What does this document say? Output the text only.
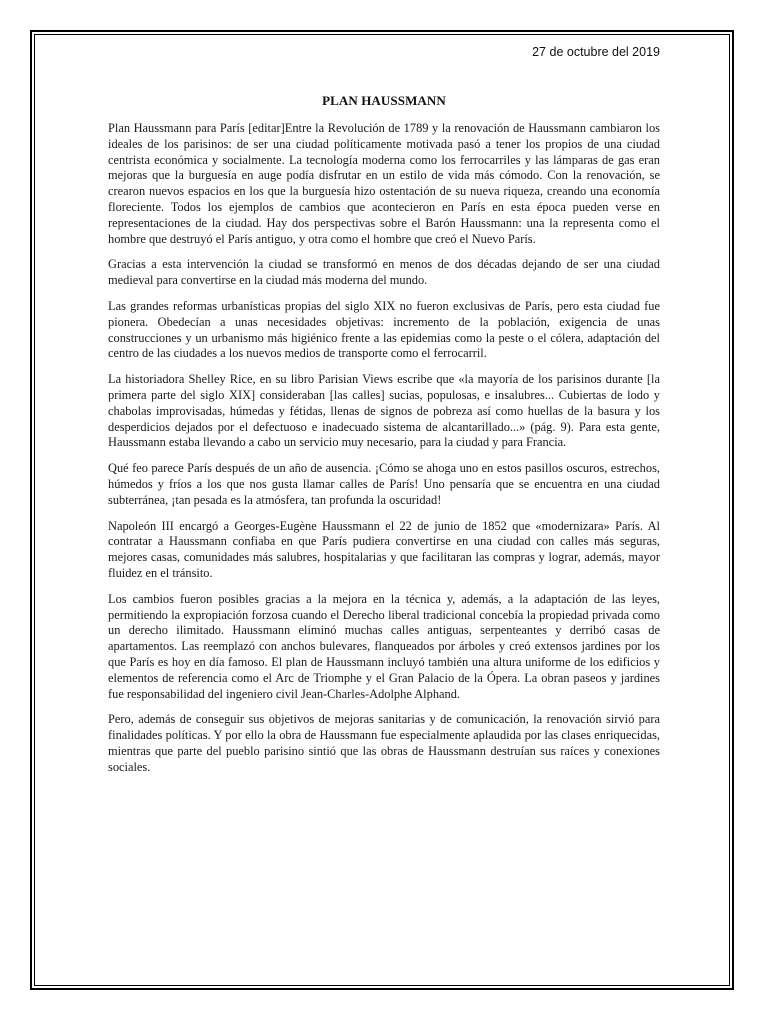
27 de octubre del 2019
PLAN HAUSSMANN

Plan Haussmann para París [editar]Entre la Revolución de 1789 y la renovación de Haussmann cambiaron los ideales de los parisinos: de ser una ciudad políticamente motivada pasó a tener los propios de una ciudad centrista económica y socialmente. La tecnología moderna como los ferrocarriles y las lámparas de gas eran mejoras que la burguesía en auge podía disfrutar en un estilo de vida más cómodo. Con la renovación, se crearon nuevos espacios en los que la burguesía hizo ostentación de su nueva riqueza, creando una economía floreciente. Todos los ejemplos de cambios que acontecieron en París en esta época pueden verse en representaciones de la ciudad. Hay dos perspectivas sobre el Barón Haussmann: una la representa como el hombre que destruyó el París antiguo, y otra como el hombre que creó el Nuevo París.

Gracias a esta intervención la ciudad se transformó en menos de dos décadas dejando de ser una ciudad medieval para convertirse en la ciudad más moderna del mundo.

Las grandes reformas urbanísticas propias del siglo XIX no fueron exclusivas de París, pero esta ciudad fue pionera. Obedecían a unas necesidades objetivas: incremento de la población, exigencia de unas construcciones y un urbanismo más higiénico frente a las epidemias como la peste o el cólera, adaptación del centro de las ciudades a los nuevos medios de transporte como el ferrocarril.

La historiadora Shelley Rice, en su libro Parisian Views escribe que «la mayoría de los parisinos durante [la primera parte del siglo XIX] consideraban [las calles] sucias, populosas, e insalubres... Cubiertas de lodo y chabolas improvisadas, húmedas y fétidas, llenas de signos de pobreza así como huellas de la basura y los desperdicios dejados por el defectuoso e inadecuado sistema de alcantarillado...» (pág. 9). Para esta gente, Haussmann estaba llevando a cabo un servicio muy necesario, para la ciudad y para Francia.

Qué feo parece París después de un año de ausencia. ¡Cómo se ahoga uno en estos pasillos oscuros, estrechos, húmedos y fríos a los que nos gusta llamar calles de París! Uno pensaría que se encuentra en una ciudad subterránea, ¡tan pesada es la atmósfera, tan profunda la oscuridad!

Napoleón III encargó a Georges-Eugène Haussmann el 22 de junio de 1852 que «modernizara» París. Al contratar a Haussmann confiaba en que París pudiera convertirse en una ciudad con calles más seguras, mejores casas, comunidades más salubres, hospitalarias y que facilitaran las compras y lograr, además, mayor fluidez en el tránsito.

Los cambios fueron posibles gracias a la mejora en la técnica y, además, a la adaptación de las leyes, permitiendo la expropiación forzosa cuando el Derecho liberal tradicional concebía la propiedad privada como un derecho ilimitado. Haussmann eliminó muchas calles antiguas, serpenteantes y derribó casas de apartamentos. Las reemplazó con anchos bulevares, flanqueados por árboles y creó extensos jardines por los que París es hoy en día famoso. El plan de Haussmann incluyó también una altura uniforme de los edificios y elementos de referencia como el Arc de Triomphe y el Gran Palacio de la Ópera. La obran paseos y jardines fue responsabilidad del ingeniero civil Jean-Charles-Adolphe Alphand.

Pero, además de conseguir sus objetivos de mejoras sanitarias y de comunicación, la renovación sirvió para finalidades políticas. Y por ello la obra de Haussmann fue especialmente aplaudida por las clases enriquecidas, mientras que parte del pueblo parisino sintió que las obras de Haussmann destruían sus raíces y conexiones sociales.
